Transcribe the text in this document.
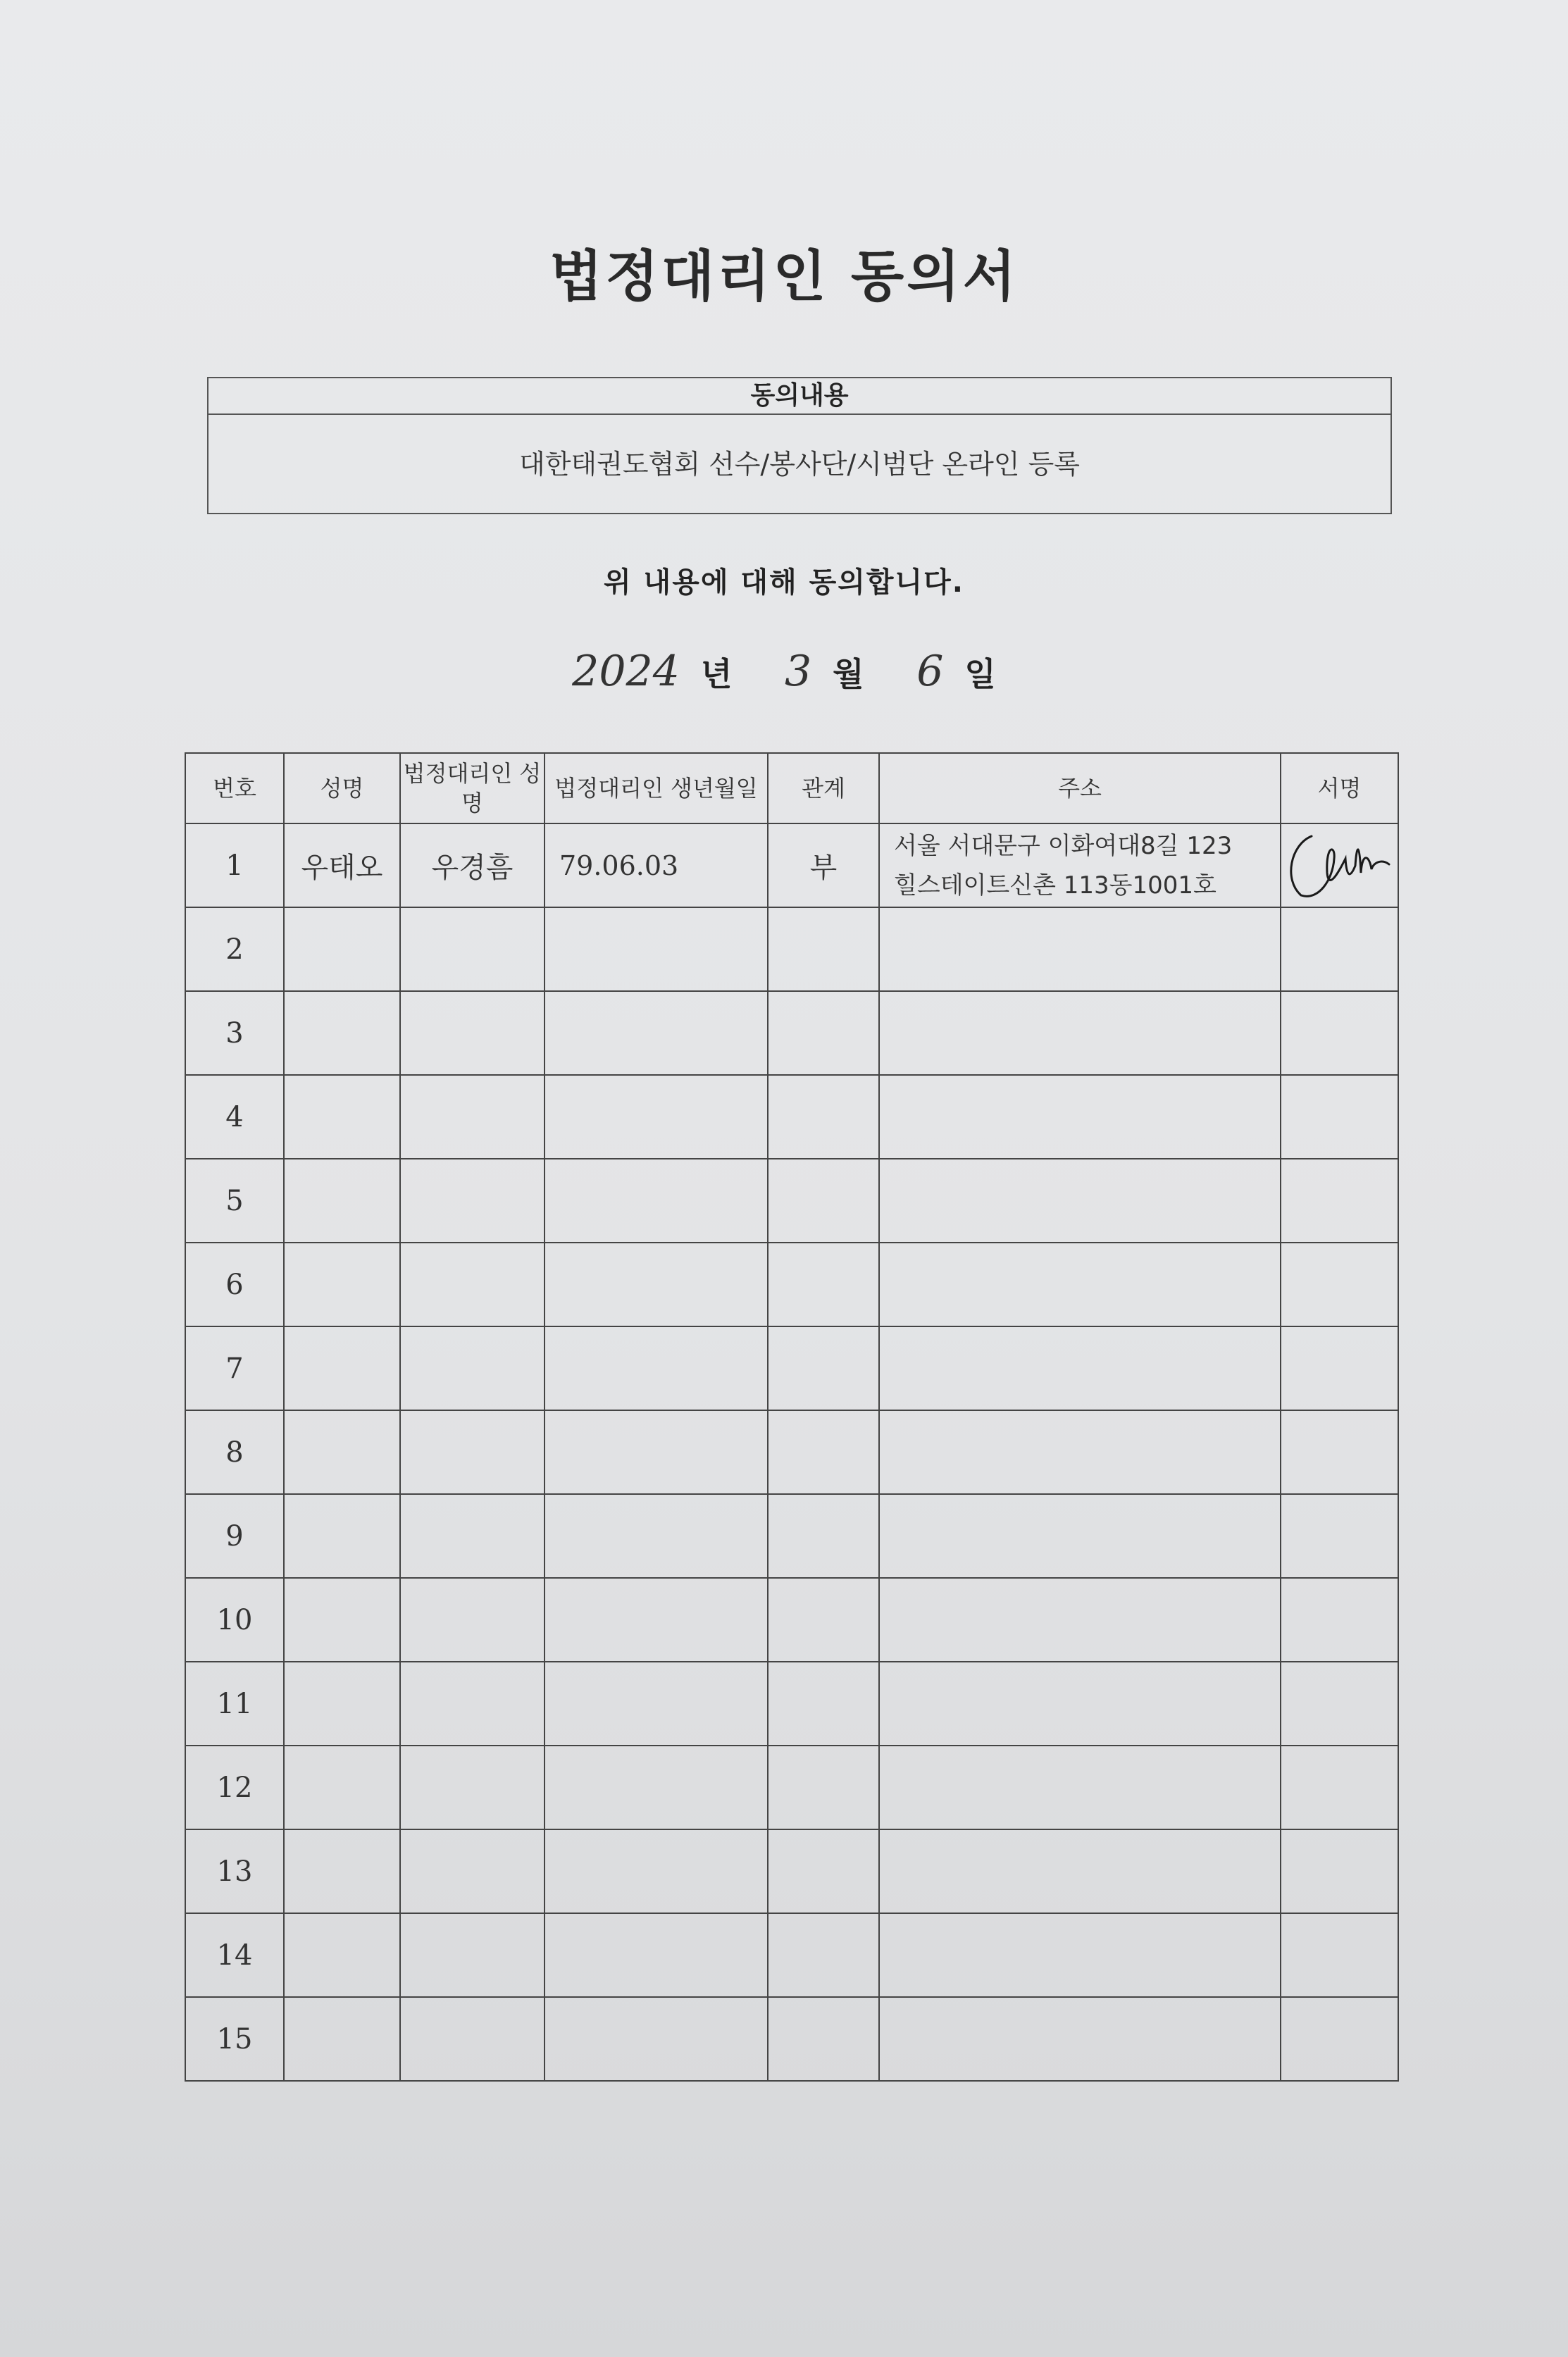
법정대리인 동의서
동의내용
대한태권도협회 선수/봉사단/시범단 온라인 등록
위 내용에 대해 동의합니다.
2024 년 3 월 6 일
번호	성명	법정대리인 성명	법정대리인 생년월일	관계	주소	서명
1	우태오	우경흠	79.06.03	부	서울 서대문구 이화여대8길 123
힐스테이트신촌 113동1001호

2					

3					

4					

5					

6					

7					

8					

9					

10					

11					

12					

13					

14					

15					
